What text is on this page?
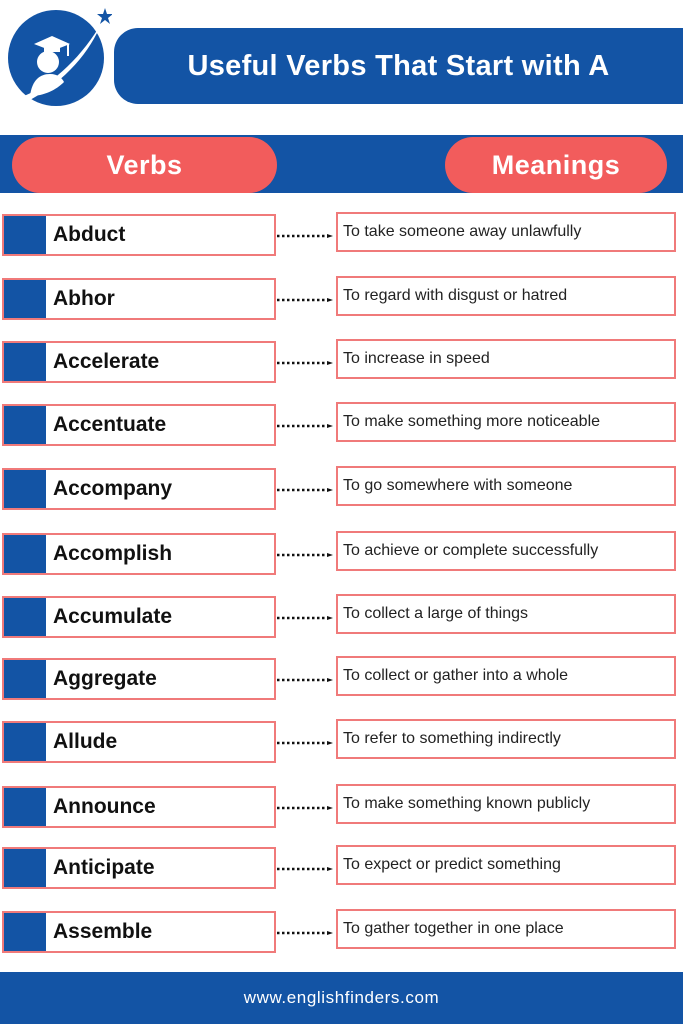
Useful Verbs That Start with A
Verbs	Meanings
Abduct	To take someone away unlawfully
Abhor	To regard with disgust or hatred
Accelerate	To increase in speed
Accentuate	To make something more noticeable
Accompany	To go somewhere with someone
Accomplish	To achieve or complete successfully
Accumulate	To collect a large of things
Aggregate	To collect or gather into a whole
Allude	To refer to something indirectly
Announce	To make something known publicly
Anticipate	To expect or predict something
Assemble	To gather together in one place
www.englishfinders.com
